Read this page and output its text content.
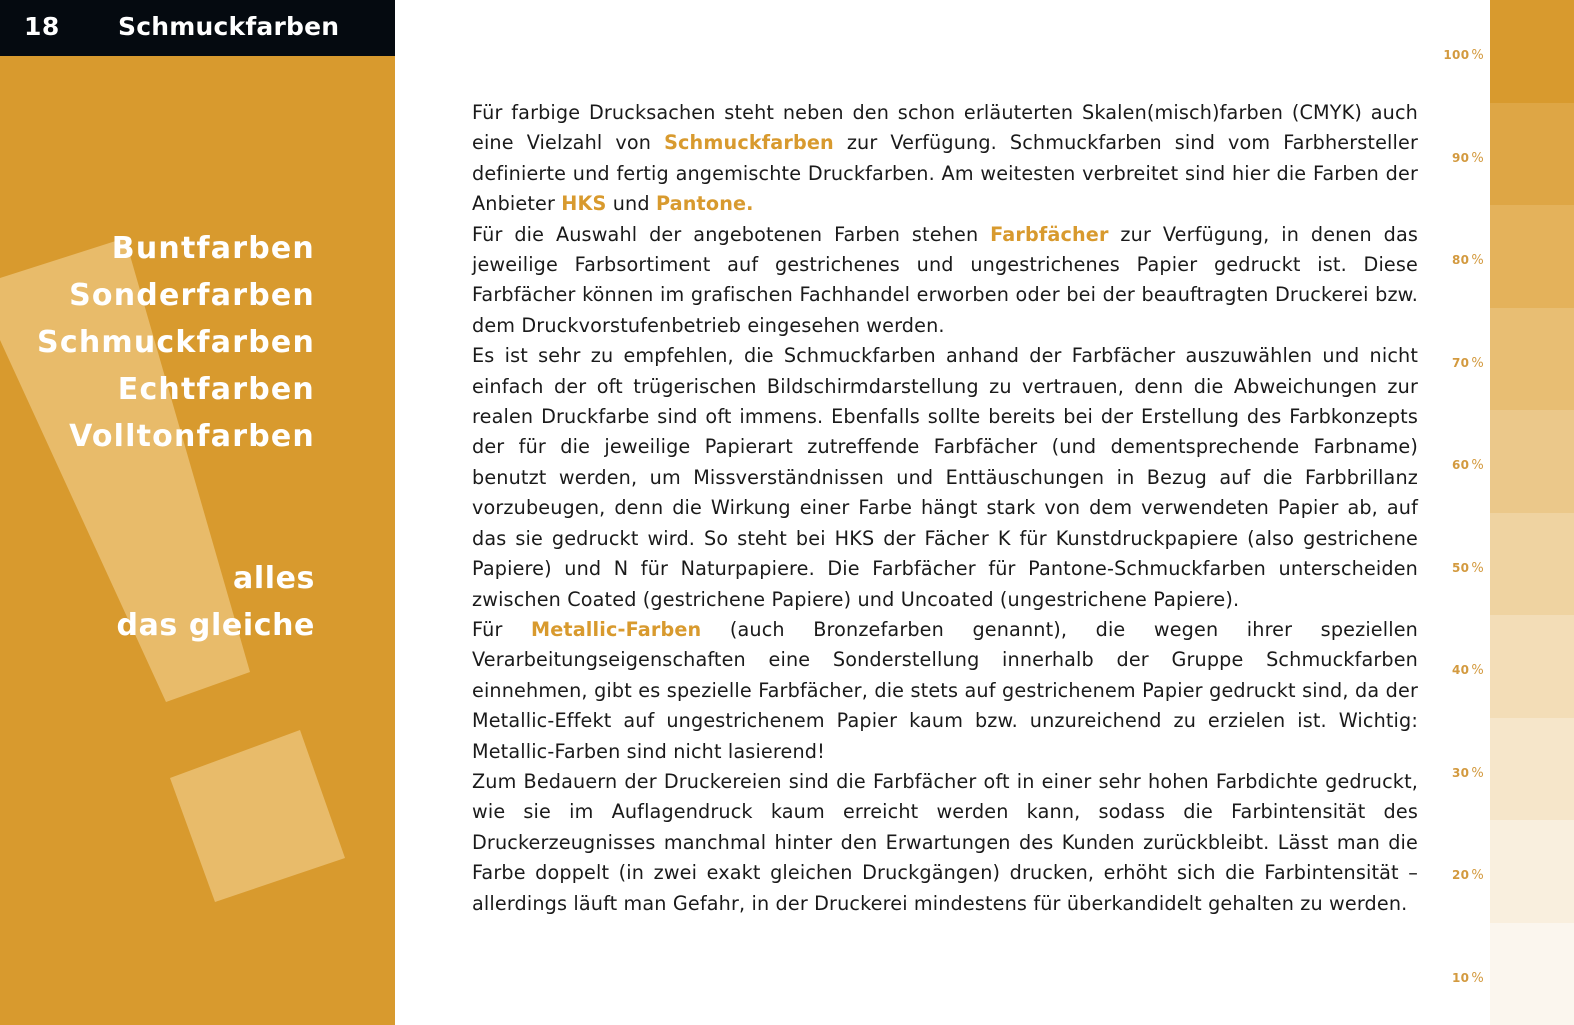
18 Schmuckfarben
Buntfarben
Sonderfarben
Schmuckfarben
Echtfarben
Volltonfarben
alles
das gleiche

Für farbige Drucksachen steht neben den schon erläuterten Skalen(misch)farben (CMYK) auch eine Vielzahl von Schmuckfarben zur Verfügung. Schmuckfarben sind vom Farbhersteller definierte und fertig angemischte Druckfarben. Am weitesten verbreitet sind hier die Farben der Anbieter HKS und Pantone.

Für die Auswahl der angebotenen Farben stehen Farbfächer zur Verfügung, in denen das jeweilige Farbsortiment auf gestrichenes und ungestrichenes Papier gedruckt ist. Diese Farbfächer können im grafischen Fachhandel erworben oder bei der beauftragten Druckerei bzw. dem Druckvorstufenbetrieb eingesehen werden.

Es ist sehr zu empfehlen, die Schmuckfarben anhand der Farbfächer auszuwählen und nicht einfach der oft trügerischen Bildschirmdarstellung zu vertrauen, denn die Abweichungen zur realen Druckfarbe sind oft immens. Ebenfalls sollte bereits bei der Erstellung des Farbkonzepts der für die jeweilige Papierart zutreffende Farbfächer (und dementsprechende Farbname) benutzt werden, um Missverständnissen und Enttäuschungen in Bezug auf die Farbbrillanz vorzubeugen, denn die Wirkung einer Farbe hängt stark von dem verwendeten Papier ab, auf das sie gedruckt wird. So steht bei HKS der Fächer K für Kunstdruckpapiere (also gestrichene Papiere) und N für Naturpapiere. Die Farbfächer für Pantone-Schmuckfarben unterscheiden zwischen Coated (gestrichene Papiere) und Uncoated (ungestrichene Papiere).

Für Metallic-Farben (auch Bronzefarben genannt), die wegen ihrer speziellen Verarbeitungseigenschaften eine Sonderstellung innerhalb der Gruppe Schmuckfarben einnehmen, gibt es spezielle Farbfächer, die stets auf gestrichenem Papier gedruckt sind, da der Metallic-Effekt auf ungestrichenem Papier kaum bzw. unzureichend zu erzielen ist. Wichtig: Metallic-Farben sind nicht lasierend!

Zum Bedauern der Druckereien sind die Farbfächer oft in einer sehr hohen Farbdichte gedruckt, wie sie im Auflagendruck kaum erreicht werden kann, sodass die Farbintensität des Druckerzeugnisses manchmal hinter den Erwartungen des Kunden zurückbleibt. Lässt man die Farbe doppelt (in zwei exakt gleichen Druckgängen) drucken, erhöht sich die Farbintensität – allerdings läuft man Gefahr, in der Druckerei mindestens für überkandidelt gehalten zu werden.

100 %
90 %
80 %
70 %
60 %
50 %
40 %
30 %
20 %
10 %
